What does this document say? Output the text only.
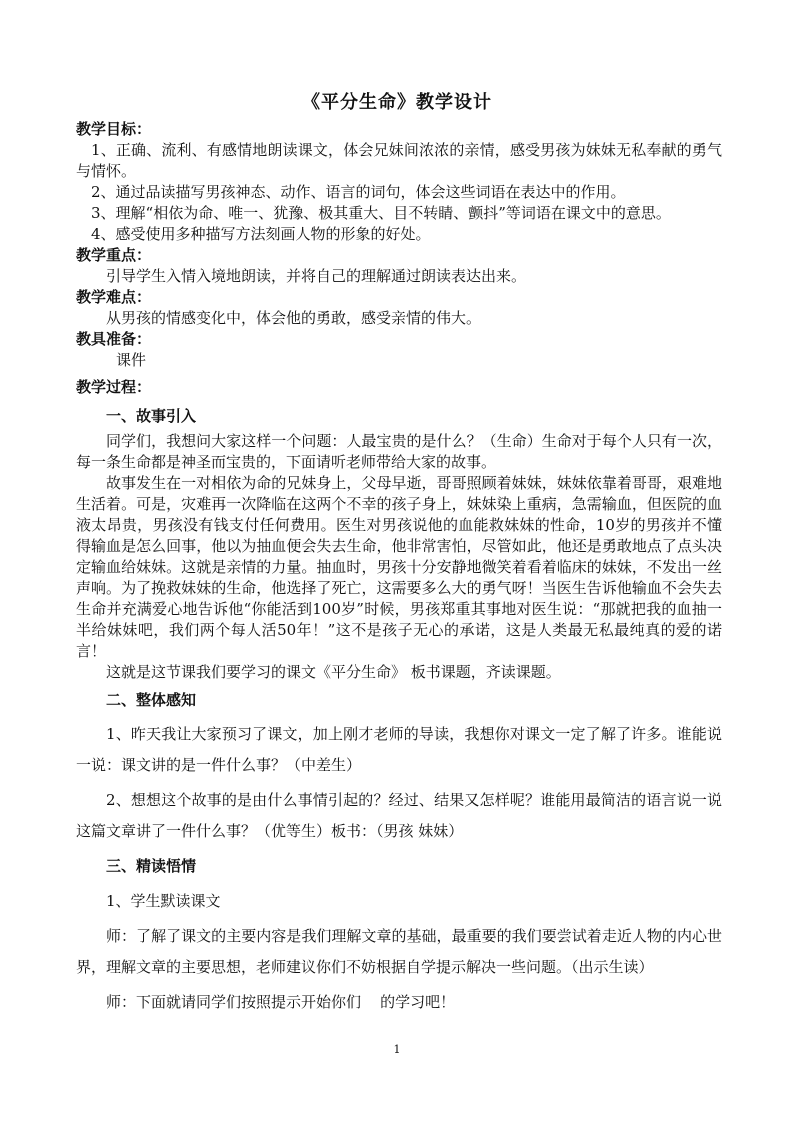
《平分生命》教学设计

教学目标：

1、正确、流利、有感情地朗读课文，体会兄妹间浓浓的亲情，感受男孩为妹妹无私奉献的勇气与情怀。

2、通过品读描写男孩神态、动作、语言的词句，体会这些词语在表达中的作用。

3、理解“相依为命、唯一、犹豫、极其重大、目不转睛、颤抖”等词语在课文中的意思。

4、感受使用多种描写方法刻画人物的形象的好处。

教学重点：

引导学生入情入境地朗读，并将自己的理解通过朗读表达出来。

教学难点：

从男孩的情感变化中，体会他的勇敢，感受亲情的伟大。

教具准备：

课件

教学过程：

一、故事引入

同学们，我想问大家这样一个问题：人最宝贵的是什么？（生命）生命对于每个人只有一次，每一条生命都是神圣而宝贵的，下面请听老师带给大家的故事。

故事发生在一对相依为命的兄妹身上，父母早逝，哥哥照顾着妹妹，妹妹依靠着哥哥，艰难地生活着。可是，灾难再一次降临在这两个不幸的孩子身上，妹妹染上重病，急需输血，但医院的血液太昂贵，男孩没有钱支付任何费用。医生对男孩说他的血能救妹妹的性命，10岁的男孩并不懂得输血是怎么回事，他以为抽血便会失去生命，他非常害怕，尽管如此，他还是勇敢地点了点头决定输血给妹妹。这就是亲情的力量。抽血时，男孩十分安静地微笑着看着临床的妹妹，不发出一丝声响。为了挽救妹妹的生命，他选择了死亡，这需要多么大的勇气呀！当医生告诉他输血不会失去生命并充满爱心地告诉他“你能活到100岁”时候，男孩郑重其事地对医生说：“那就把我的血抽一半给妹妹吧，我们两个每人活50年！”这不是孩子无心的承诺，这是人类最无私最纯真的爱的诺言！

这就是这节课我们要学习的课文《平分生命》 板书课题，齐读课题。

二、整体感知

1、昨天我让大家预习了课文，加上刚才老师的导读，我想你对课文一定了解了许多。谁能说一说：课文讲的是一件什么事？（中差生）

2、想想这个故事的是由什么事情引起的？经过、结果又怎样呢？谁能用最简洁的语言说一说这篇文章讲了一件什么事？（优等生）板书：（男孩 妹妹）

三、精读悟情

1、学生默读课文

师：了解了课文的主要内容是我们理解文章的基础，最重要的我们要尝试着走近人物的内心世界，理解文章的主要思想，老师建议你们不妨根据自学提示解决一些问题。（出示生读）

师：下面就请同学们按照提示开始你们    的学习吧！

1
